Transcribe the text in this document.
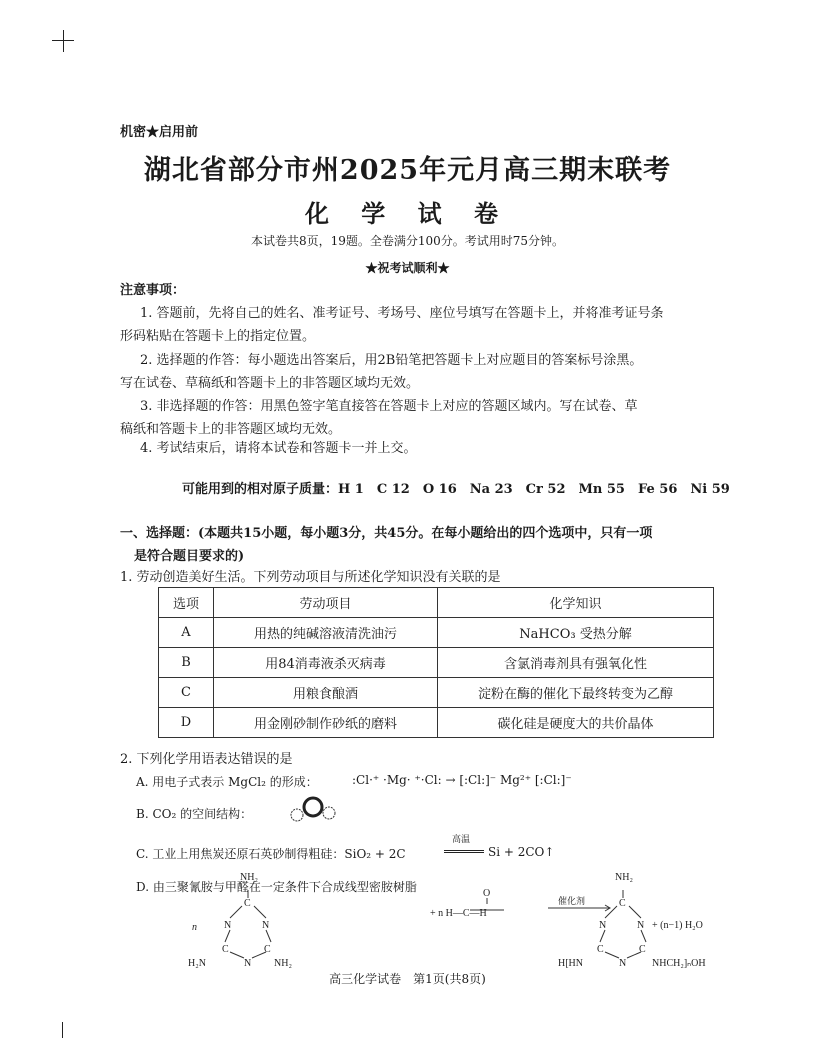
机密★启用前
湖北省部分市州2025年元月高三期末联考
化 学 试 卷
本试卷共8页，19题。全卷满分100分。考试用时75分钟。
★祝考试顺利★
注意事项：
1. 答题前，先将自己的姓名、准考证号、考场号、座位号填写在答题卡上，并将准考证号条
形码粘贴在答题卡上的指定位置。
2. 选择题的作答：每小题选出答案后，用2B铅笔把答题卡上对应题目的答案标号涂黑。
写在试卷、草稿纸和答题卡上的非答题区域均无效。
3. 非选择题的作答：用黑色签字笔直接答在答题卡上对应的答题区域内。写在试卷、草
稿纸和答题卡上的非答题区域均无效。
4. 考试结束后，请将本试卷和答题卡一并上交。
可能用到的相对原子质量：H 1　C 12　O 16　Na 23　Cr 52　Mn 55　Fe 56　Ni 59
一、选择题：(本题共15小题，每小题3分，共45分。在每小题给出的四个选项中，只有一项
是符合题目要求的)
1. 劳动创造美好生活。下列劳动项目与所述化学知识没有关联的是
选项	劳动项目	化学知识
A	用热的纯碱溶液清洗油污	NaHCO₃ 受热分解
B	用84消毒液杀灭病毒	含氯消毒剂具有强氧化性
C	用粮食酿酒	淀粉在酶的催化下最终转变为乙醇
D	用金刚砂制作砂纸的磨料	碳化硅是硬度大的共价晶体
2. 下列化学用语表达错误的是
A. 用电子式表示 MgCl₂ 的形成：	:Cl·⁺ ·Mg· ⁺·Cl: → [:Cl:]⁻ Mg²⁺ [:Cl:]⁻
B. CO₂ 的空间结构：
C. 工业上用焦炭还原石英砂制得粗硅：SiO₂ + 2C
高温
Si + 2CO↑
D. 由三聚氰胺与甲醛在一定条件下合成线型密胺树脂
NH₂
C
N	N
C	C
N
n
H₂N	NH₂
O
+ n H—C—H
催化剂
NH₂
C
N	N
C	C
N
H[HN	NHCH₂]ₙOH
+ (n−1) H₂O
高三化学试卷　第1页(共8页)
